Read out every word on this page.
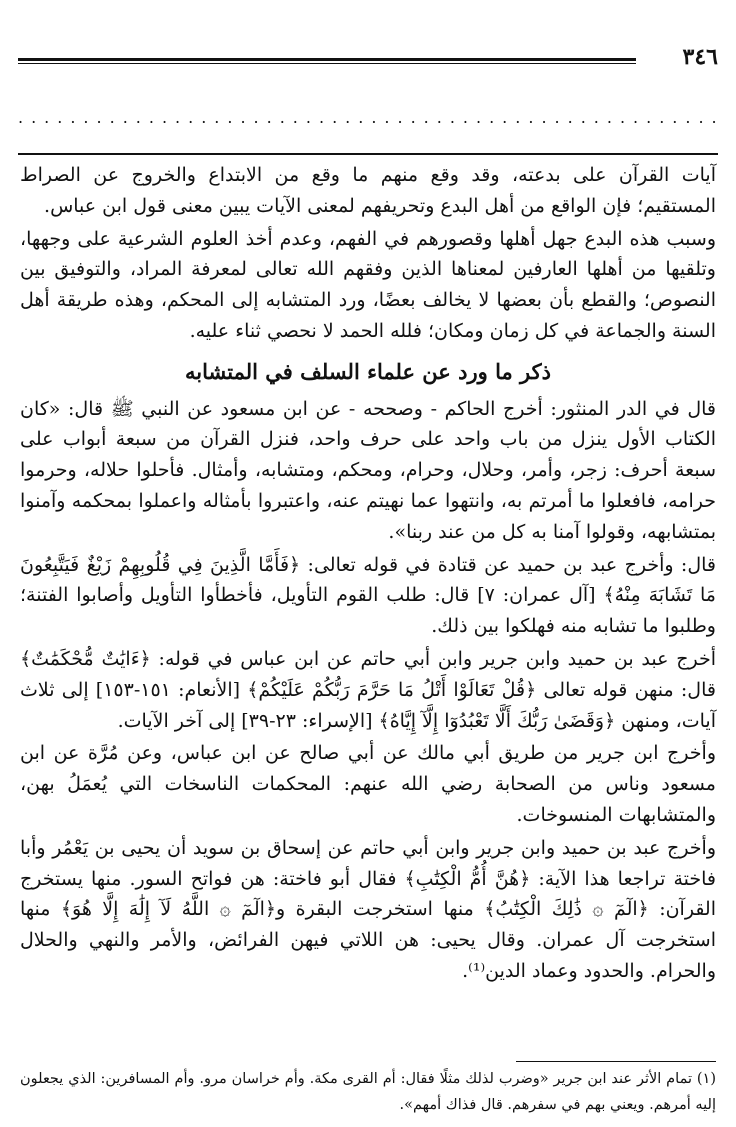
٣٤٦
......................................................

آيات القرآن على بدعته، وقد وقع منهم ما وقع من الابتداع والخروج عن الصراط المستقيم؛ فإن الواقع من أهل البدع وتحريفهم لمعنى الآيات يبين معنى قول ابن عباس.

وسبب هذه البدع جهل أهلها وقصورهم في الفهم، وعدم أخذ العلوم الشرعية على وجهها، وتلقيها من أهلها العارفين لمعناها الذين وفقهم الله تعالى لمعرفة المراد، والتوفيق بين النصوص؛ والقطع بأن بعضها لا يخالف بعضًا، ورد المتشابه إلى المحكم، وهذه طريقة أهل السنة والجماعة في كل زمان ومكان؛ فلله الحمد لا نحصي ثناء عليه.

ذكر ما ورد عن علماء السلف في المتشابه

قال في الدر المنثور: أخرج الحاكم - وصححه - عن ابن مسعود عن النبي ﷺ قال: «كان الكتاب الأول ينزل من باب واحد على حرف واحد، فنزل القرآن من سبعة أبواب على سبعة أحرف: زجر، وأمر، وحلال، وحرام، ومحكم، ومتشابه، وأمثال. فأحلوا حلاله، وحرموا حرامه، فافعلوا ما أمرتم به، وانتهوا عما نهيتم عنه، واعتبروا بأمثاله واعملوا بمحكمه وآمنوا بمتشابهه، وقولوا آمنا به كل من عند ربنا».

قال: وأخرج عبد بن حميد عن قتادة في قوله تعالى: ﴿فَأَمَّا الَّذِينَ فِي قُلُوبِهِمْ زَيْغٌ فَيَتَّبِعُونَ مَا تَشَابَهَ مِنْهُ﴾ [آل عمران: ٧] قال: طلب القوم التأويل، فأخطأوا التأويل وأصابوا الفتنة؛ وطلبوا ما تشابه منه فهلكوا بين ذلك.

أخرج عبد بن حميد وابن جرير وابن أبي حاتم عن ابن عباس في قوله: ﴿ءَايَٰتٌ مُّحْكَمَٰتٌ﴾ قال: منهن قوله تعالى ﴿قُلْ تَعَالَوْا أَتْلُ مَا حَرَّمَ رَبُّكُمْ عَلَيْكُمْ﴾ [الأنعام: ١٥١-١٥٣] إلى ثلاث آيات، ومنهن ﴿وَقَضَىٰ رَبُّكَ أَلَّا تَعْبُدُوٓا إِلَّآ إِيَّاهُ﴾ [الإسراء: ٢٣-٣٩] إلى آخر الآيات.

وأخرج ابن جرير من طريق أبي مالك عن أبي صالح عن ابن عباس، وعن مُرَّة عن ابن مسعود وناس من الصحابة رضي الله عنهم: المحكمات الناسخات التي يُعمَلُ بهن، والمتشابهات المنسوخات.

وأخرج عبد بن حميد وابن جرير وابن أبي حاتم عن إسحاق بن سويد أن يحيى بن يَعْمُر وأبا فاختة تراجعا هذا الآية: ﴿هُنَّ أُمُّ الْكِتَٰبِ﴾ فقال أبو فاختة: هن فواتح السور. منها يستخرج القرآن: ﴿الٓمٓ ۞ ذَٰلِكَ الْكِتَٰبُ﴾ منها استخرجت البقرة و﴿الٓمٓ ۞ اللَّهُ لَآ إِلَٰهَ إِلَّا هُوَ﴾ منها استخرجت آل عمران. وقال يحيى: هن اللاتي فيهن الفرائض، والأمر والنهي والحلال والحرام. والحدود وعماد الدين⁽¹⁾.

(١) تمام الأثر عند ابن جرير «وضرب لذلك مثلًا فقال: أم القرى مكة. وأم خراسان مرو. وأم المسافرين: الذي يجعلون إليه أمرهم. ويعني بهم في سفرهم. قال فذاك أمهم».
